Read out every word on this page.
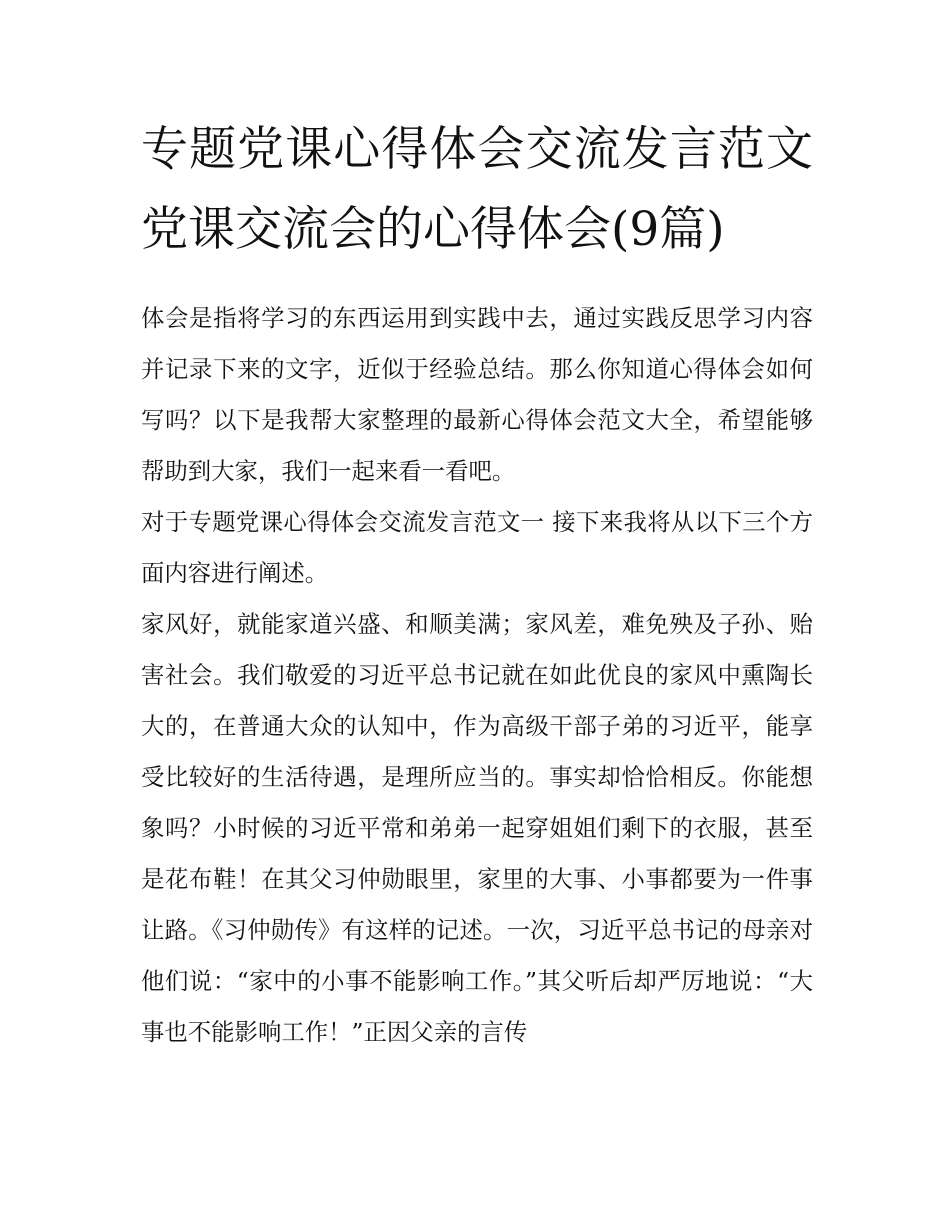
专题党课心得体会交流发言范文 党课交流会的心得体会(9篇)

体会是指将学习的东西运用到实践中去，通过实践反思学习内容并记录下来的文字，近似于经验总结。那么你知道心得体会如何写吗？以下是我帮大家整理的最新心得体会范文大全，希望能够帮助到大家，我们一起来看一看吧。

对于专题党课心得体会交流发言范文一 接下来我将从以下三个方面内容进行阐述。

家风好，就能家道兴盛、和顺美满；家风差，难免殃及子孙、贻害社会。我们敬爱的习近平总书记就在如此优良的家风中熏陶长大的，在普通大众的认知中，作为高级干部子弟的习近平，能享受比较好的生活待遇，是理所应当的。事实却恰恰相反。你能想象吗？小时候的习近平常和弟弟一起穿姐姐们剩下的衣服，甚至是花布鞋！在其父习仲勋眼里，家里的大事、小事都要为一件事让路。《习仲勋传》有这样的记述。一次，习近平总书记的母亲对他们说：“家中的小事不能影响工作。”其父听后却严厉地说：“大事也不能影响工作！”正因父亲的言传
